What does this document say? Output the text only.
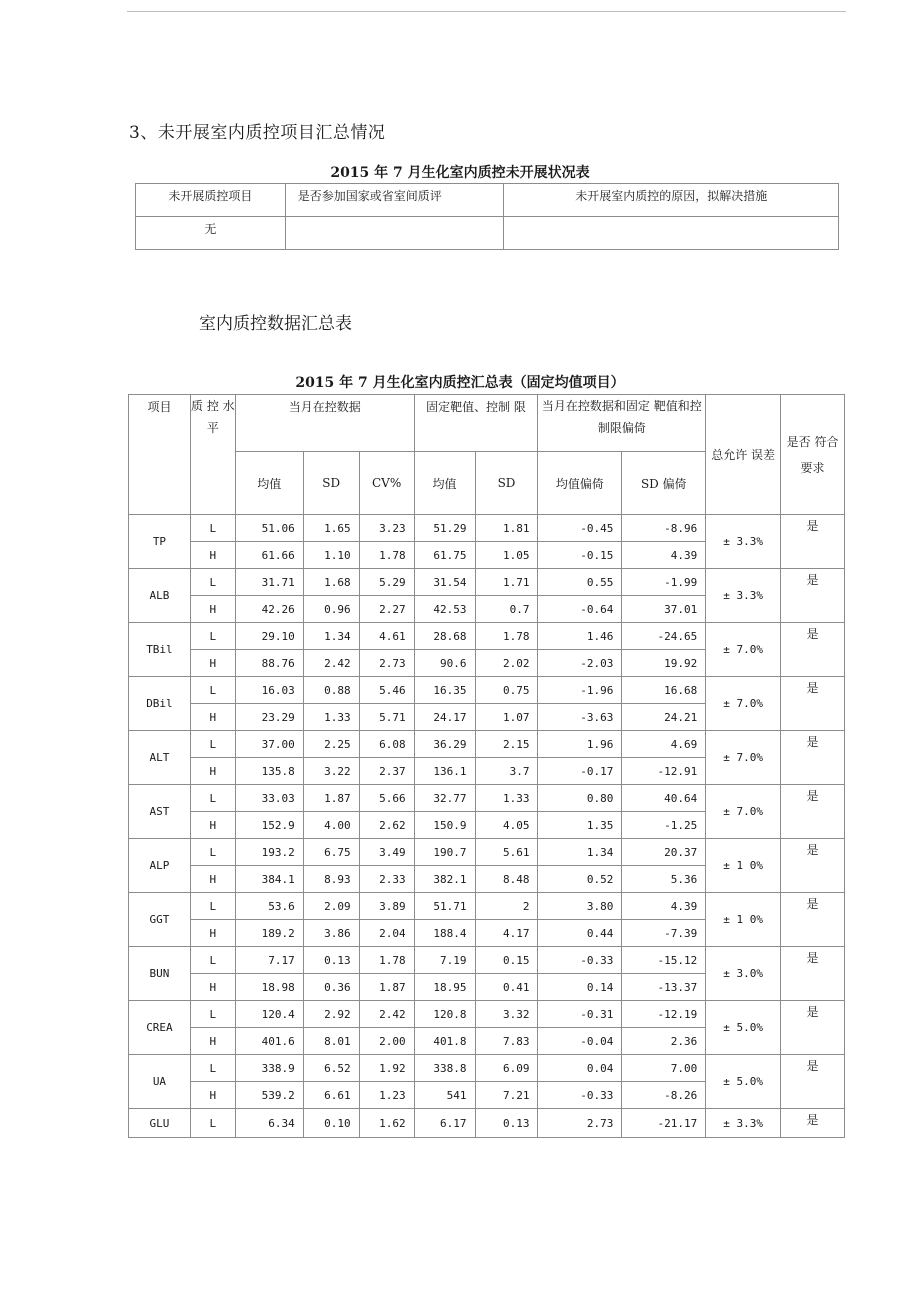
3、未开展室内质控项目汇总情况
2015 年 7 月生化室内质控未开展状况表
未开展质控项目	是否参加国家或省室间质评	未开展室内质控的原因，拟解决措施
无		
室内质控数据汇总表
2015 年 7 月生化室内质控汇总表（固定均值项目）
项目	质 控 水 平	当月在控数据			固定靶值、控制 限		当月在控数据和固定 靶值和控制限偏倚		总允许 误差	是否 符合 要求
		均值	SD	CV%	均值	SD	均值偏倚	SD 偏倚		
TP	L	51.06	1.65	3.23	51.29	1.81	-0.45	-8.96	± 3.3%	是
	H	61.66	1.10	1.78	61.75	1.05	-0.15	4.39		
ALB	L	31.71	1.68	5.29	31.54	1.71	0.55	-1.99	± 3.3%	是
	H	42.26	0.96	2.27	42.53	0.7	-0.64	37.01		
TBil	L	29.10	1.34	4.61	28.68	1.78	1.46	-24.65	± 7.0%	是
	H	88.76	2.42	2.73	90.6	2.02	-2.03	19.92		
DBil	L	16.03	0.88	5.46	16.35	0.75	-1.96	16.68	± 7.0%	是
	H	23.29	1.33	5.71	24.17	1.07	-3.63	24.21		
ALT	L	37.00	2.25	6.08	36.29	2.15	1.96	4.69	± 7.0%	是
	H	135.8	3.22	2.37	136.1	3.7	-0.17	-12.91		
AST	L	33.03	1.87	5.66	32.77	1.33	0.80	40.64	± 7.0%	是
	H	152.9	4.00	2.62	150.9	4.05	1.35	-1.25		
ALP	L	193.2	6.75	3.49	190.7	5.61	1.34	20.37	± 1 0%	是
	H	384.1	8.93	2.33	382.1	8.48	0.52	5.36		
GGT	L	53.6	2.09	3.89	51.71	2	3.80	4.39	± 1 0%	是
	H	189.2	3.86	2.04	188.4	4.17	0.44	-7.39		
BUN	L	7.17	0.13	1.78	7.19	0.15	-0.33	-15.12	± 3.0%	是
	H	18.98	0.36	1.87	18.95	0.41	0.14	-13.37		
CREA	L	120.4	2.92	2.42	120.8	3.32	-0.31	-12.19	± 5.0%	是
	H	401.6	8.01	2.00	401.8	7.83	-0.04	2.36		
UA	L	338.9	6.52	1.92	338.8	6.09	0.04	7.00	± 5.0%	是
	H	539.2	6.61	1.23	541	7.21	-0.33	-8.26		
GLU	L	6.34	0.10	1.62	6.17	0.13	2.73	-21.17	± 3.3%	是
